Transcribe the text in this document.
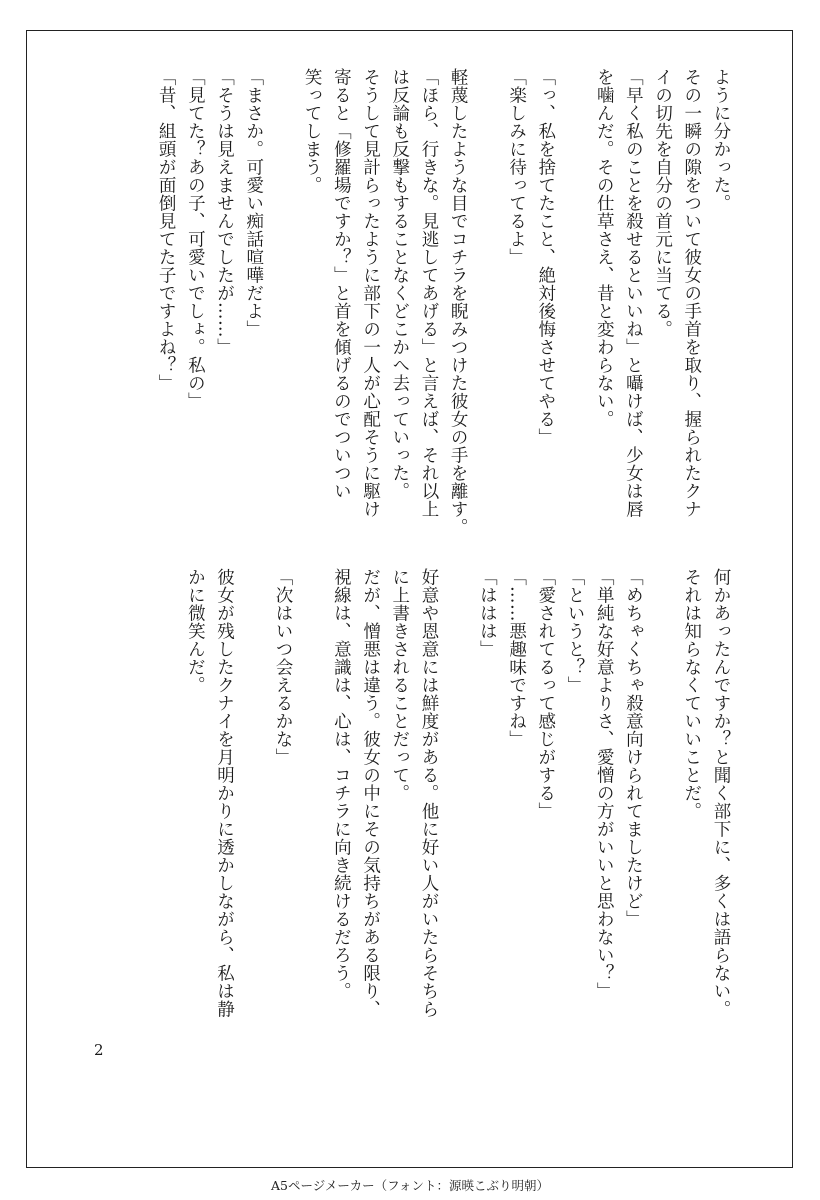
ように分かった。
その一瞬の隙をついて彼女の手首を取り、握られたクナ
イの切先を自分の首元に当てる。
「早く私のことを殺せるといいね」と囁けば、少女は唇
を噛んだ。その仕草さえ、昔と変わらない。
「っ、私を捨てたこと、絶対後悔させてやる」
「楽しみに待ってるよ」
軽蔑したような目でコチラを睨みつけた彼女の手を離す。
「ほら、行きな。見逃してあげる」と言えば、それ以上
は反論も反撃もすることなくどこかへ去っていった。
そうして見計らったように部下の一人が心配そうに駆け
寄ると「修羅場ですか？」と首を傾げるのでついつい
笑ってしまう。
「まさか。可愛い痴話喧嘩だよ」
「そうは見えませんでしたが……」
「見てた？あの子、可愛いでしょ。私の」
「昔、組頭が面倒見てた子ですよね？」
何かあったんですか？と聞く部下に、多くは語らない。
それは知らなくていいことだ。
「めちゃくちゃ殺意向けられてましたけど」
「単純な好意よりさ、愛憎の方がいいと思わない？」
「というと？」
「愛されてるって感じがする」
「……悪趣味ですね」
「ははは」
好意や恩意には鮮度がある。他に好い人がいたらそちら
に上書きされることだって。
だが、憎悪は違う。彼女の中にその気持ちがある限り、
視線は、意識は、心は、コチラに向き続けるだろう。
「次はいつ会えるかな」
彼女が残したクナイを月明かりに透かしながら、私は静
かに微笑んだ。
2
A5ページメーカー（フォント：源暎こぶり明朝）
